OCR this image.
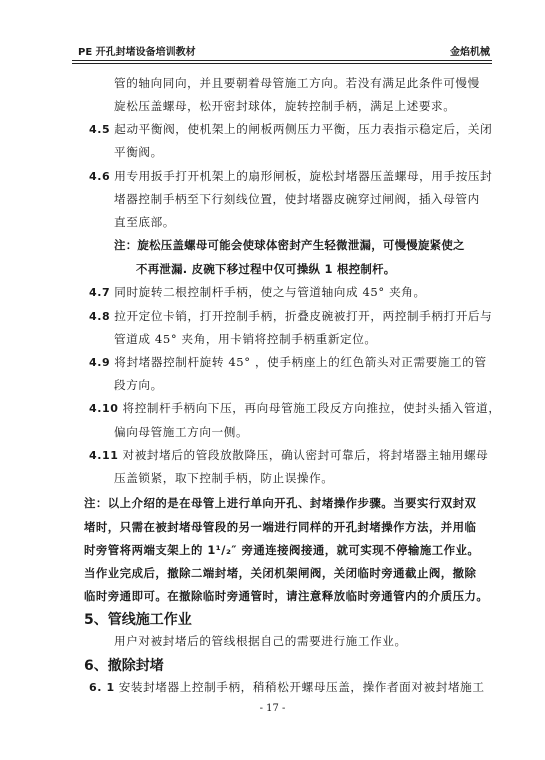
PE 开孔封堵设备培训教材	金焰机械
管的轴向同向，并且要朝着母管施工方向。若没有满足此条件可慢慢
旋松压盖螺母，松开密封球体，旋转控制手柄，满足上述要求。
4.5 起动平衡阀，使机架上的闸板两侧压力平衡，压力表指示稳定后，关闭
平衡阀。
4.6 用专用扳手打开机架上的扇形闸板，旋松封堵器压盖螺母，用手按压封
堵器控制手柄至下行刻线位置，使封堵器皮碗穿过闸阀，插入母管内
直至底部。
注：旋松压盖螺母可能会使球体密封产生轻微泄漏，可慢慢旋紧使之
不再泄漏. 皮碗下移过程中仅可操纵 1 根控制杆。
4.7 同时旋转二根控制杆手柄，使之与管道轴向成 45° 夹角。
4.8 拉开定位卡销，打开控制手柄，折叠皮碗被打开，两控制手柄打开后与
管道成 45° 夹角，用卡销将控制手柄重新定位。
4.9 将封堵器控制杆旋转 45° ，使手柄座上的红色箭头对正需要施工的管
段方向。
4.10 将控制杆手柄向下压，再向母管施工段反方向推拉，使封头插入管道，
偏向母管施工方向一侧。
4.11 对被封堵后的管段放散降压，确认密封可靠后，将封堵器主轴用螺母
压盖锁紧，取下控制手柄，防止误操作。
注：以上介绍的是在母管上进行单向开孔、封堵操作步骤。当要实行双封双
堵时，只需在被封堵母管段的另一端进行同样的开孔封堵操作方法，并用临
时旁管将两端支架上的 1¹/₂″ 旁通连接阀接通，就可实现不停输施工作业。
当作业完成后，撤除二端封堵，关闭机架闸阀，关闭临时旁通截止阀，撤除
临时旁通即可。在撤除临时旁通管时，请注意释放临时旁通管内的介质压力。
5、管线施工作业
用户对被封堵后的管线根据自己的需要进行施工作业。
6、撤除封堵
6. 1 安装封堵器上控制手柄，稍稍松开螺母压盖，操作者面对被封堵施工
- 17 -
